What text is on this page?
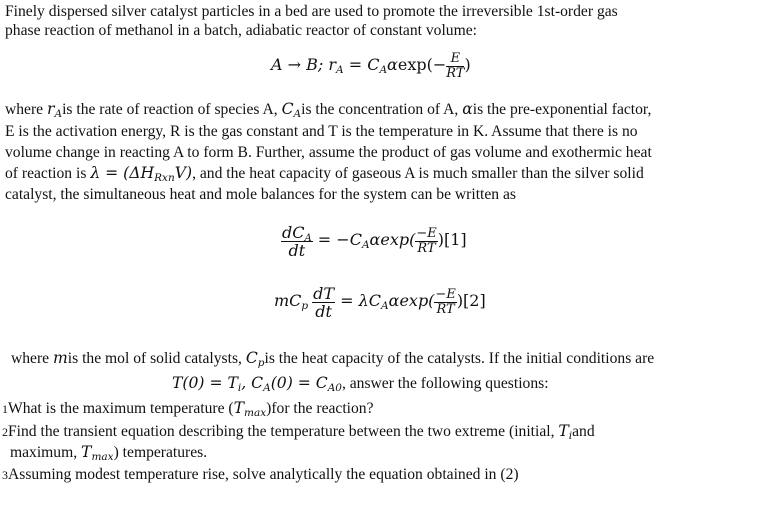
Finely dispersed silver catalyst particles in a bed are used to promote the irreversible 1st-order gas
phase reaction of methanol in a batch, adiabatic reactor of constant volume:
A → B; $r_A = C_A\alpha\exp(- \frac{E}{RT}$ )
where $r_Ais$ the rate of reaction of species A, $C_Ais$ the concentration of A, αis the pre-exponential factor,
E is the activation energy, R is the gas constant and T is the temperature in K. Assume that there is no
volume change in reacting A to form B. Further, assume the product of gas volume and exothermic heat
of reaction is $\lambda = (\Delta H_{Rxn}V)$, and the heat capacity of gaseous A is much smaller than the silver solid
catalyst, the simultaneous heat and mole balances for the system can be written as
$\frac{dC_A}{dt} = -C_A\alpha\exp( \frac{-E}{RT} )[1]$
$mC_p \frac{dT}{dt} = \lambda C_A\alpha\exp( \frac{-E}{RT} )[2]$
where mis the mol of solid catalysts, $C_pis$ the heat capacity of the catalysts. If the initial conditions are
$T(0) = T_i$, $C_A(0) = C_{A0}$, answer the following questions:
1What is the maximum temperature $(T_{max})for$ the reaction?
2Find the transient equation describing the temperature between the two extreme (initial, $T_iand$
maximum, $T_{max}$) temperatures.
3Assuming modest temperature rise, solve analytically the equation obtained in (2)
